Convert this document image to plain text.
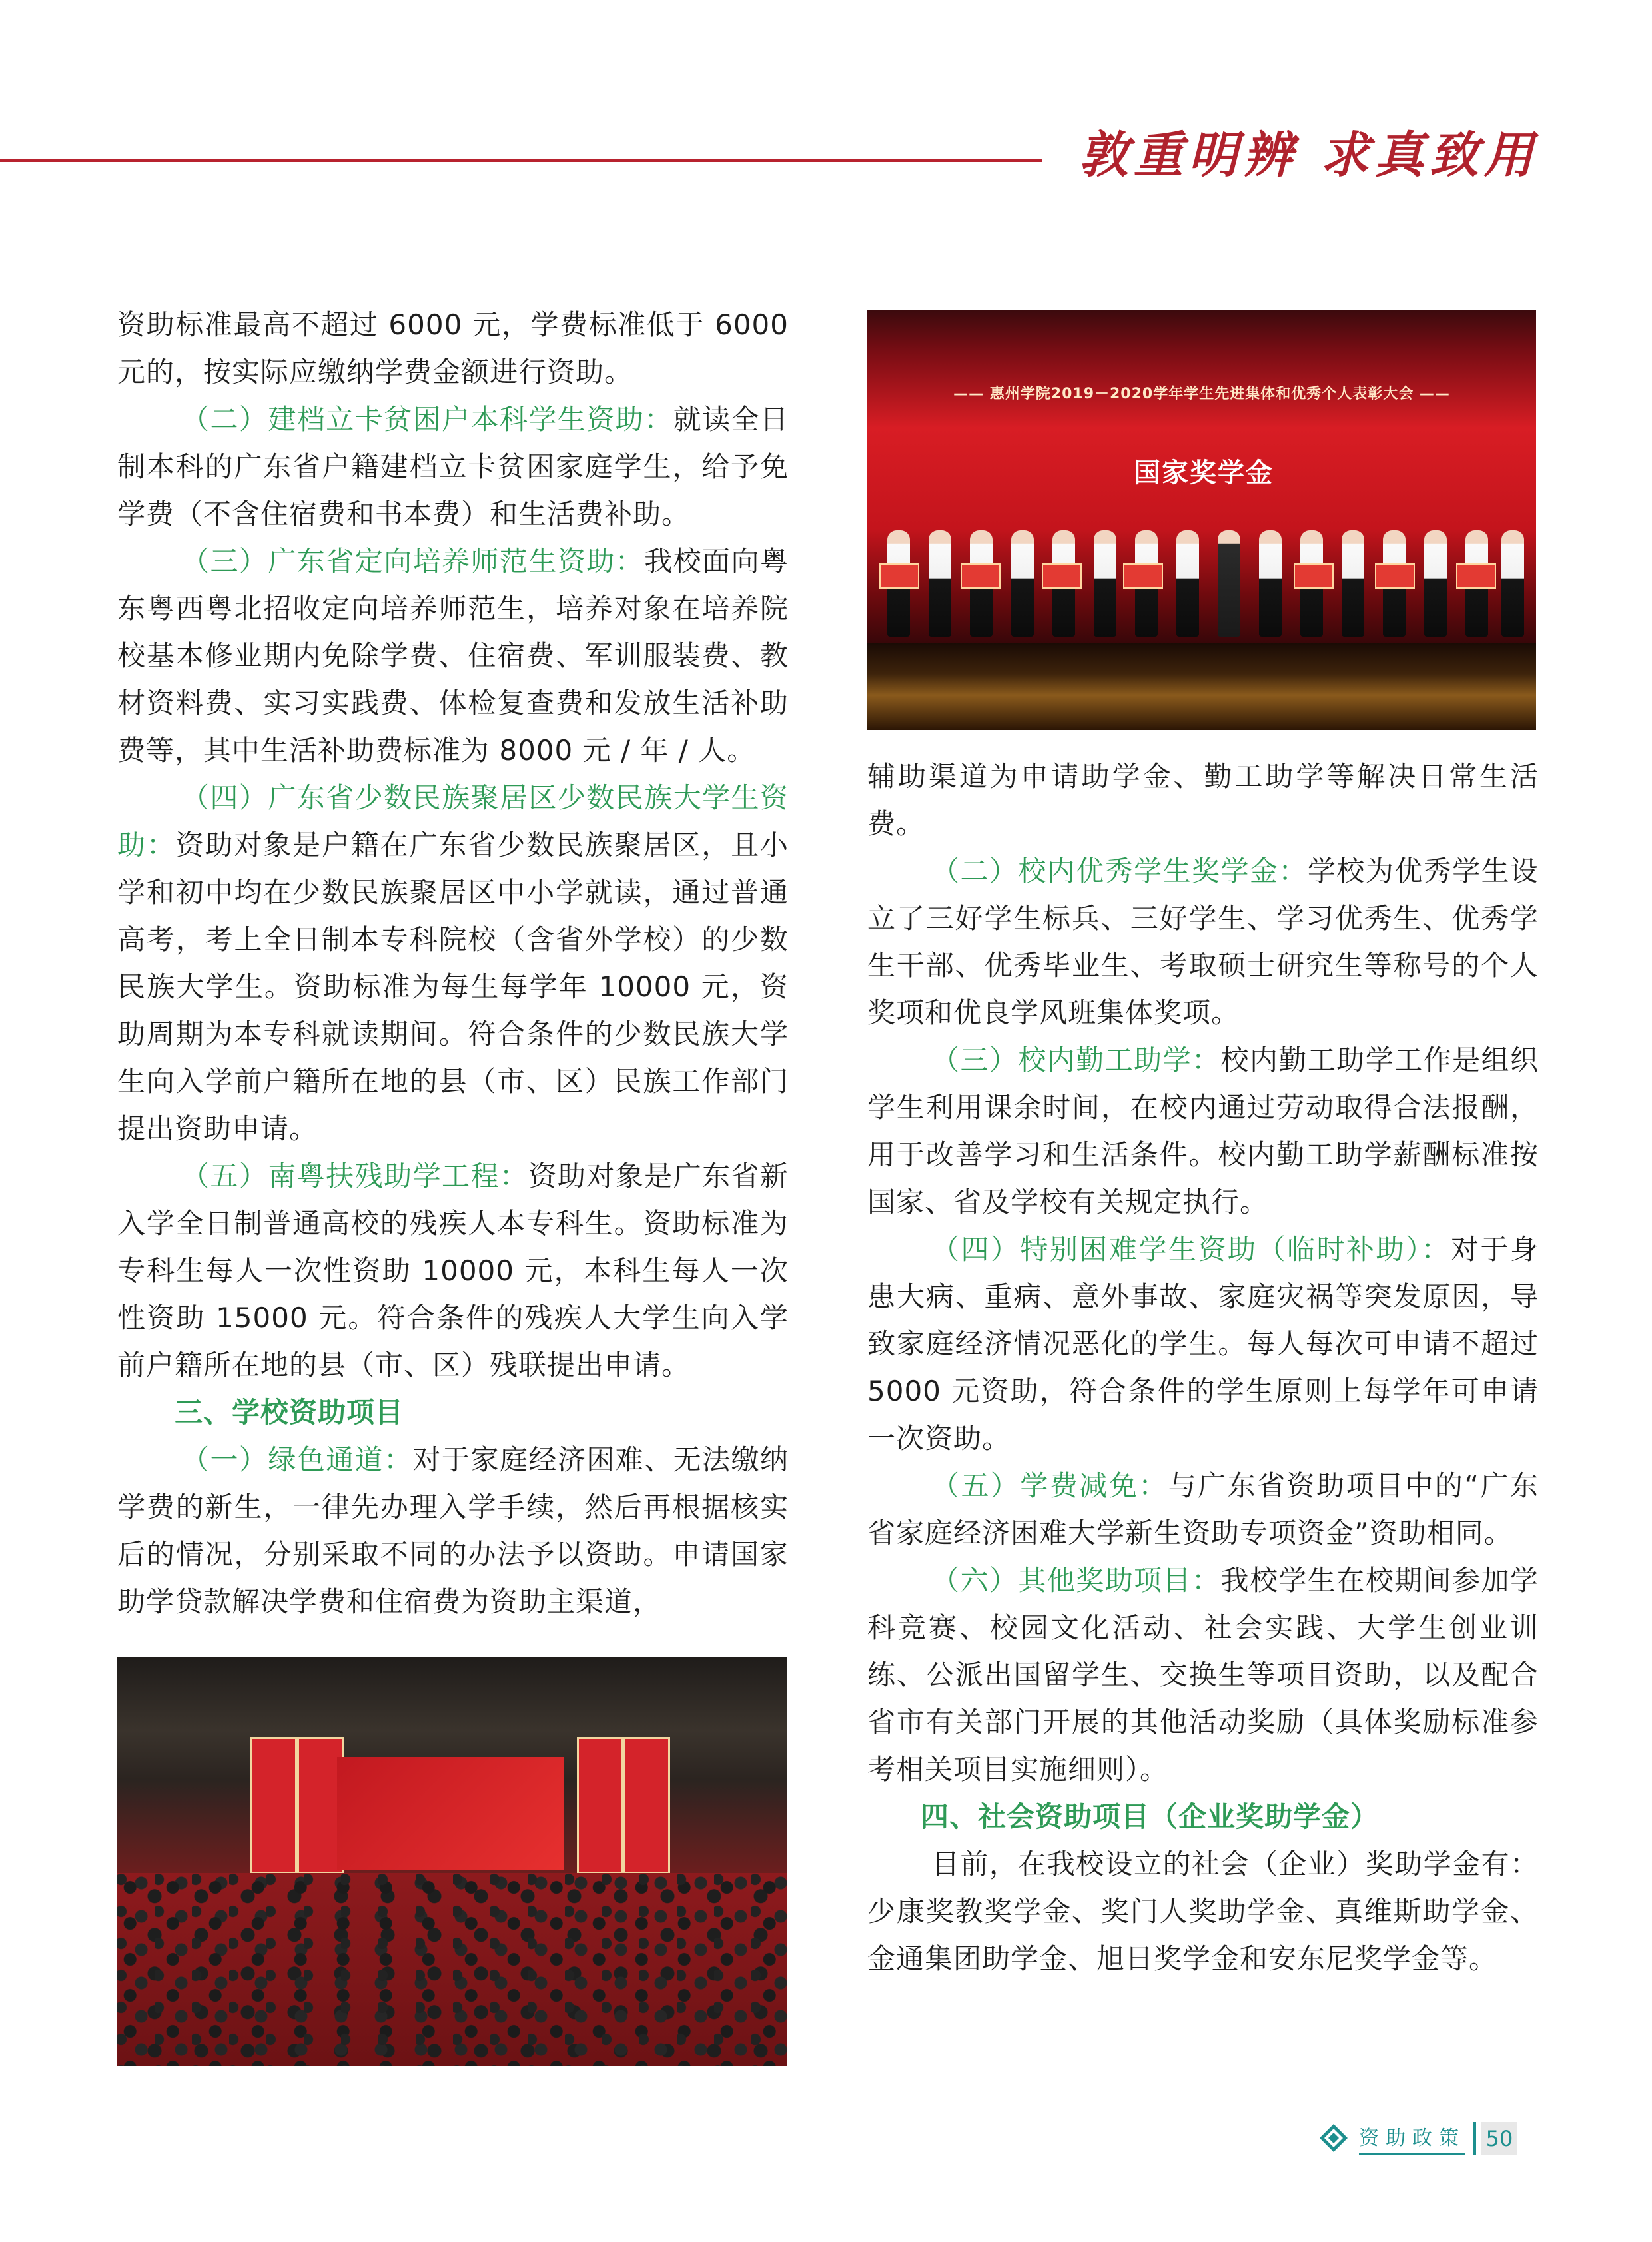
敦重明辨 求真致用

资助标准最高不超过 6000 元，学费标准低于 6000 元的，按实际应缴纳学费金额进行资助。

（二）建档立卡贫困户本科学生资助：就读全日制本科的广东省户籍建档立卡贫困家庭学生，给予免学费（不含住宿费和书本费）和生活费补助。

（三）广东省定向培养师范生资助：我校面向粤东粤西粤北招收定向培养师范生，培养对象在培养院校基本修业期内免除学费、住宿费、军训服装费、教材资料费、实习实践费、体检复查费和发放生活补助费等，其中生活补助费标准为 8000 元 / 年 / 人。

（四）广东省少数民族聚居区少数民族大学生资助：资助对象是户籍在广东省少数民族聚居区，且小学和初中均在少数民族聚居区中小学就读，通过普通高考，考上全日制本专科院校（含省外学校）的少数民族大学生。资助标准为每生每学年 10000 元，资助周期为本专科就读期间。符合条件的少数民族大学生向入学前户籍所在地的县（市、区）民族工作部门提出资助申请。

（五）南粤扶残助学工程：资助对象是广东省新入学全日制普通高校的残疾人本专科生。资助标准为专科生每人一次性资助 10000 元，本科生每人一次性资助 15000 元。符合条件的残疾人大学生向入学前户籍所在地的县（市、区）残联提出申请。

三、学校资助项目

（一）绿色通道：对于家庭经济困难、无法缴纳学费的新生，一律先办理入学手续，然后再根据核实后的情况，分别采取不同的办法予以资助。申请国家助学贷款解决学费和住宿费为资助主渠道，

—— 惠州学院2019－2020学年学生先进集体和优秀个人表彰大会 ——
国家奖学金

辅助渠道为申请助学金、勤工助学等解决日常生活费。

（二）校内优秀学生奖学金：学校为优秀学生设立了三好学生标兵、三好学生、学习优秀生、优秀学生干部、优秀毕业生、考取硕士研究生等称号的个人奖项和优良学风班集体奖项。

（三）校内勤工助学：校内勤工助学工作是组织学生利用课余时间，在校内通过劳动取得合法报酬，用于改善学习和生活条件。校内勤工助学薪酬标准按国家、省及学校有关规定执行。

（四）特别困难学生资助（临时补助）：对于身患大病、重病、意外事故、家庭灾祸等突发原因，导致家庭经济情况恶化的学生。每人每次可申请不超过 5000 元资助，符合条件的学生原则上每学年可申请一次资助。

（五）学费减免：与广东省资助项目中的“广东省家庭经济困难大学新生资助专项资金”资助相同。

（六）其他奖助项目：我校学生在校期间参加学科竞赛、校园文化活动、社会实践、大学生创业训练、公派出国留学生、交换生等项目资助，以及配合省市有关部门开展的其他活动奖励（具体奖励标准参考相关项目实施细则）。

四、社会资助项目（企业奖助学金）

目前，在我校设立的社会（企业）奖助学金有：少康奖教奖学金、奖门人奖助学金、真维斯助学金、金通集团助学金、旭日奖学金和安东尼奖学金等。

资助政策 50
